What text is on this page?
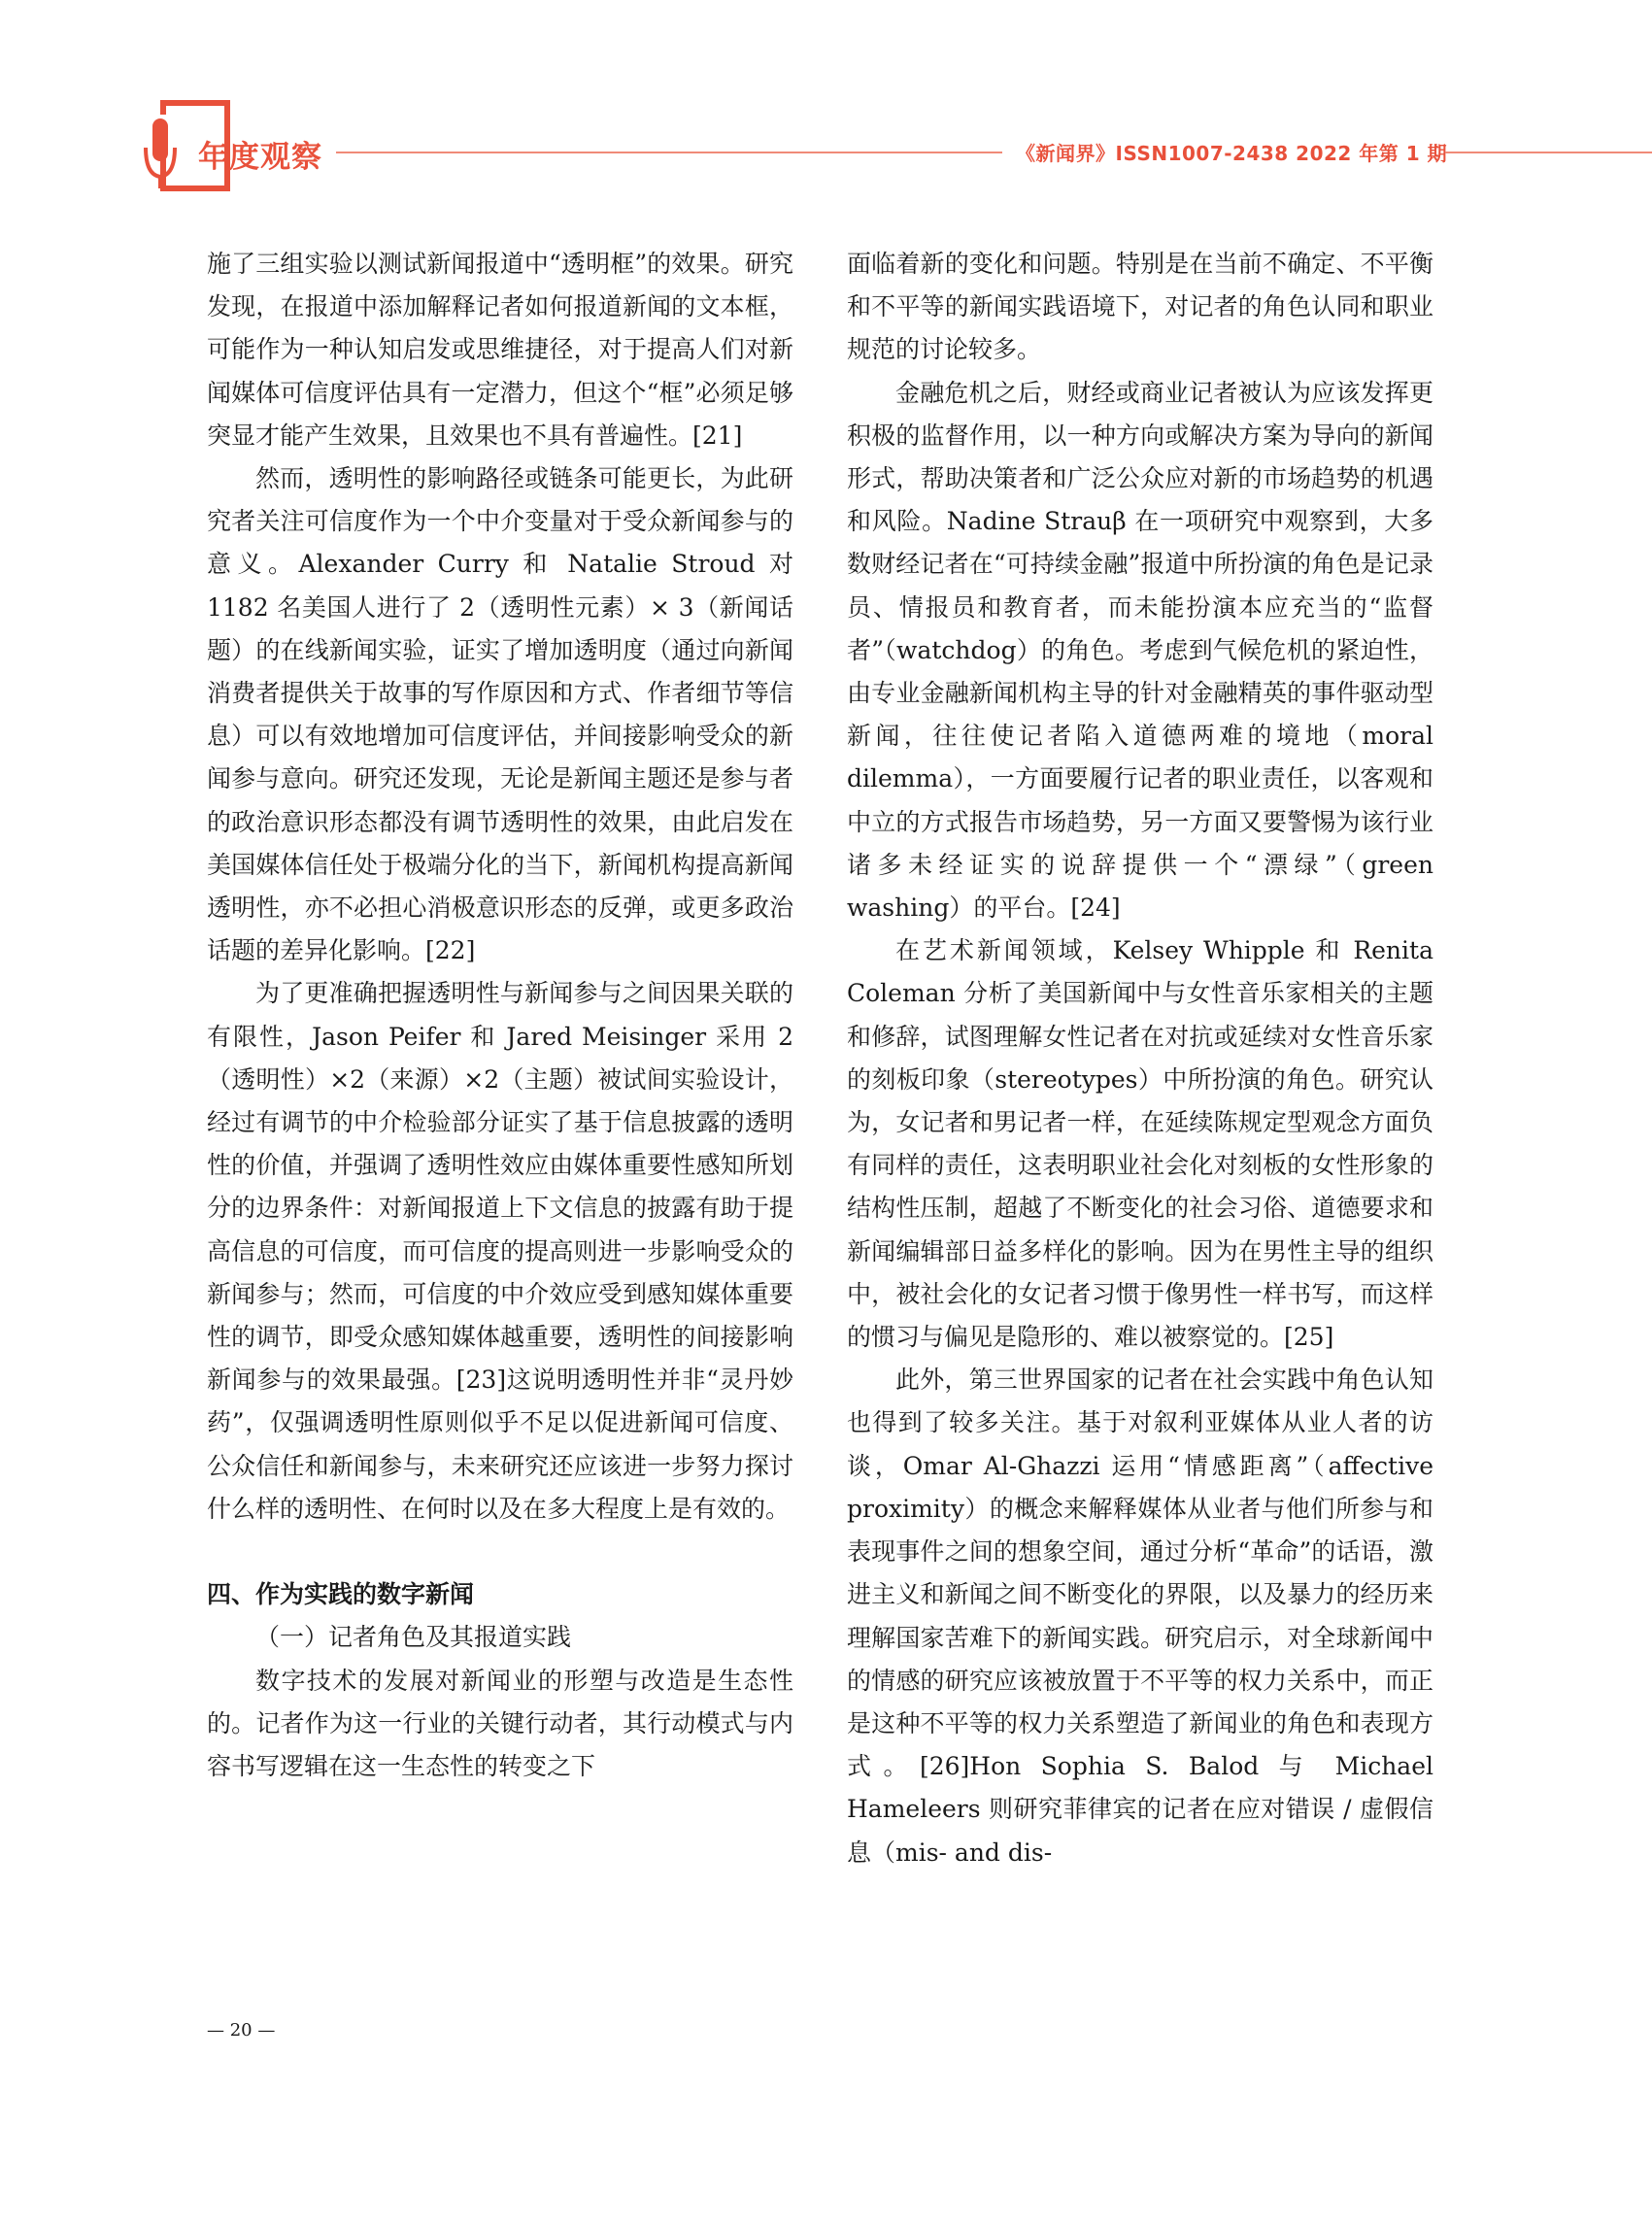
年度观察	《新闻界》ISSN1007-2438 2022 年第 1 期

施了三组实验以测试新闻报道中“透明框”的效果。研究发现，在报道中添加解释记者如何报道新闻的文本框，可能作为一种认知启发或思维捷径，对于提高人们对新闻媒体可信度评估具有一定潜力，但这个“框”必须足够突显才能产生效果，且效果也不具有普遍性。[21]

然而，透明性的影响路径或链条可能更长，为此研究者关注可信度作为一个中介变量对于受众新闻参与的意义。Alexander Curry 和 Natalie Stroud 对 1182 名美国人进行了 2（透明性元素）× 3（新闻话题）的在线新闻实验，证实了增加透明度（通过向新闻消费者提供关于故事的写作原因和方式、作者细节等信息）可以有效地增加可信度评估，并间接影响受众的新闻参与意向。研究还发现，无论是新闻主题还是参与者的政治意识形态都没有调节透明性的效果，由此启发在美国媒体信任处于极端分化的当下，新闻机构提高新闻透明性，亦不必担心消极意识形态的反弹，或更多政治话题的差异化影响。[22]

为了更准确把握透明性与新闻参与之间因果关联的有限性，Jason Peifer 和 Jared Meisinger 采用 2（透明性）×2（来源）×2（主题）被试间实验设计，经过有调节的中介检验部分证实了基于信息披露的透明性的价值，并强调了透明性效应由媒体重要性感知所划分的边界条件：对新闻报道上下文信息的披露有助于提高信息的可信度，而可信度的提高则进一步影响受众的新闻参与；然而，可信度的中介效应受到感知媒体重要性的调节，即受众感知媒体越重要，透明性的间接影响新闻参与的效果最强。[23]这说明透明性并非“灵丹妙药”，仅强调透明性原则似乎不足以促进新闻可信度、公众信任和新闻参与，未来研究还应该进一步努力探讨什么样的透明性、在何时以及在多大程度上是有效的。

四、作为实践的数字新闻

（一）记者角色及其报道实践

数字技术的发展对新闻业的形塑与改造是生态性的。记者作为这一行业的关键行动者，其行动模式与内容书写逻辑在这一生态性的转变之下

面临着新的变化和问题。特别是在当前不确定、不平衡和不平等的新闻实践语境下，对记者的角色认同和职业规范的讨论较多。

金融危机之后，财经或商业记者被认为应该发挥更积极的监督作用，以一种方向或解决方案为导向的新闻形式，帮助决策者和广泛公众应对新的市场趋势的机遇和风险。Nadine Strauβ 在一项研究中观察到，大多数财经记者在“可持续金融”报道中所扮演的角色是记录员、情报员和教育者，而未能扮演本应充当的“监督者”（watchdog）的角色。考虑到气候危机的紧迫性，由专业金融新闻机构主导的针对金融精英的事件驱动型新闻，往往使记者陷入道德两难的境地（moral dilemma），一方面要履行记者的职业责任，以客观和中立的方式报告市场趋势，另一方面又要警惕为该行业诸多未经证实的说辞提供一个“漂绿”（green washing）的平台。[24]

在艺术新闻领域，Kelsey Whipple 和 Renita Coleman 分析了美国新闻中与女性音乐家相关的主题和修辞，试图理解女性记者在对抗或延续对女性音乐家的刻板印象（stereotypes）中所扮演的角色。研究认为，女记者和男记者一样，在延续陈规定型观念方面负有同样的责任，这表明职业社会化对刻板的女性形象的结构性压制，超越了不断变化的社会习俗、道德要求和新闻编辑部日益多样化的影响。因为在男性主导的组织中，被社会化的女记者习惯于像男性一样书写，而这样的惯习与偏见是隐形的、难以被察觉的。[25]

此外，第三世界国家的记者在社会实践中角色认知也得到了较多关注。基于对叙利亚媒体从业人者的访谈，Omar Al-Ghazzi 运用“情感距离”（affective proximity）的概念来解释媒体从业者与他们所参与和表现事件之间的想象空间，通过分析“革命”的话语，激进主义和新闻之间不断变化的界限，以及暴力的经历来理解国家苦难下的新闻实践。研究启示，对全球新闻中的情感的研究应该被放置于不平等的权力关系中，而正是这种不平等的权力关系塑造了新闻业的角色和表现方式。[26]Hon Sophia S. Balod 与 Michael Hameleers 则研究菲律宾的记者在应对错误 / 虚假信息（mis- and dis-

— 20 —
